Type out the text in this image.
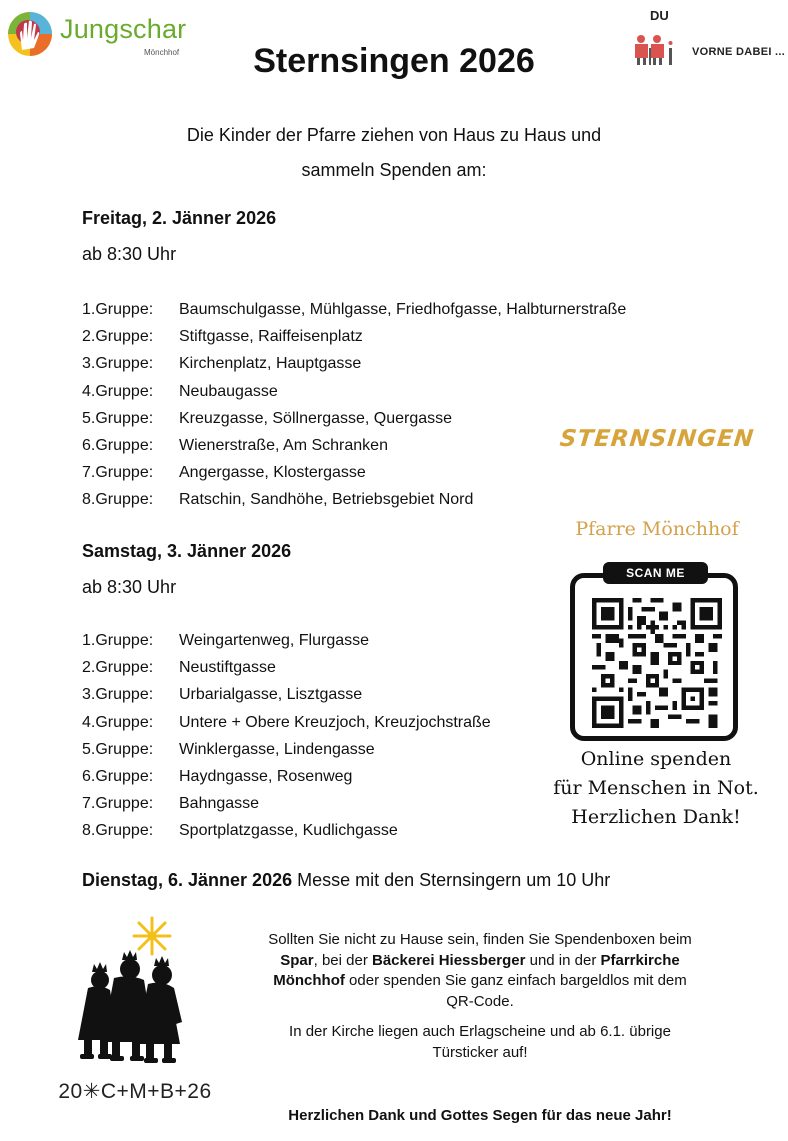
Jungschar
Mönchhof
DU
VORNE DABEI ...
Sternsingen 2026
Die Kinder der Pfarre ziehen von Haus zu Haus und
sammeln Spenden am:
Freitag, 2. Jänner 2026
ab 8:30 Uhr
1.Gruppe: Baumschulgasse, Mühlgasse, Friedhofgasse, Halbturnerstraße
2.Gruppe: Stiftgasse, Raiffeisenplatz
3.Gruppe: Kirchenplatz, Hauptgasse
4.Gruppe: Neubaugasse
5.Gruppe: Kreuzgasse, Söllnergasse, Quergasse
6.Gruppe: Wienerstraße, Am Schranken
7.Gruppe: Angergasse, Klostergasse
8.Gruppe: Ratschin, Sandhöhe, Betriebsgebiet Nord
Samstag, 3. Jänner 2026
ab 8:30 Uhr
1.Gruppe: Weingartenweg, Flurgasse
2.Gruppe: Neustiftgasse
3.Gruppe: Urbarialgasse, Lisztgasse
4.Gruppe: Untere + Obere Kreuzjoch, Kreuzjochstraße
5.Gruppe: Winklergasse, Lindengasse
6.Gruppe: Haydngasse, Rosenweg
7.Gruppe: Bahngasse
8.Gruppe: Sportplatzgasse, Kudlichgasse
Dienstag, 6. Jänner 2026 Messe mit den Sternsingern um 10 Uhr
STERNSINGEN
Pfarre Mönchhof
SCAN ME
Online spenden
für Menschen in Not.
Herzlichen Dank!
20✳C+M+B+26

Sollten Sie nicht zu Hause sein, finden Sie Spendenboxen beim Spar, bei der Bäckerei Hiessberger und in der Pfarrkirche Mönchhof oder spenden Sie ganz einfach bargeldlos mit dem QR-Code.

In der Kirche liegen auch Erlagscheine und ab 6.1. übrige Türsticker auf!

Herzlichen Dank und Gottes Segen für das neue Jahr!
